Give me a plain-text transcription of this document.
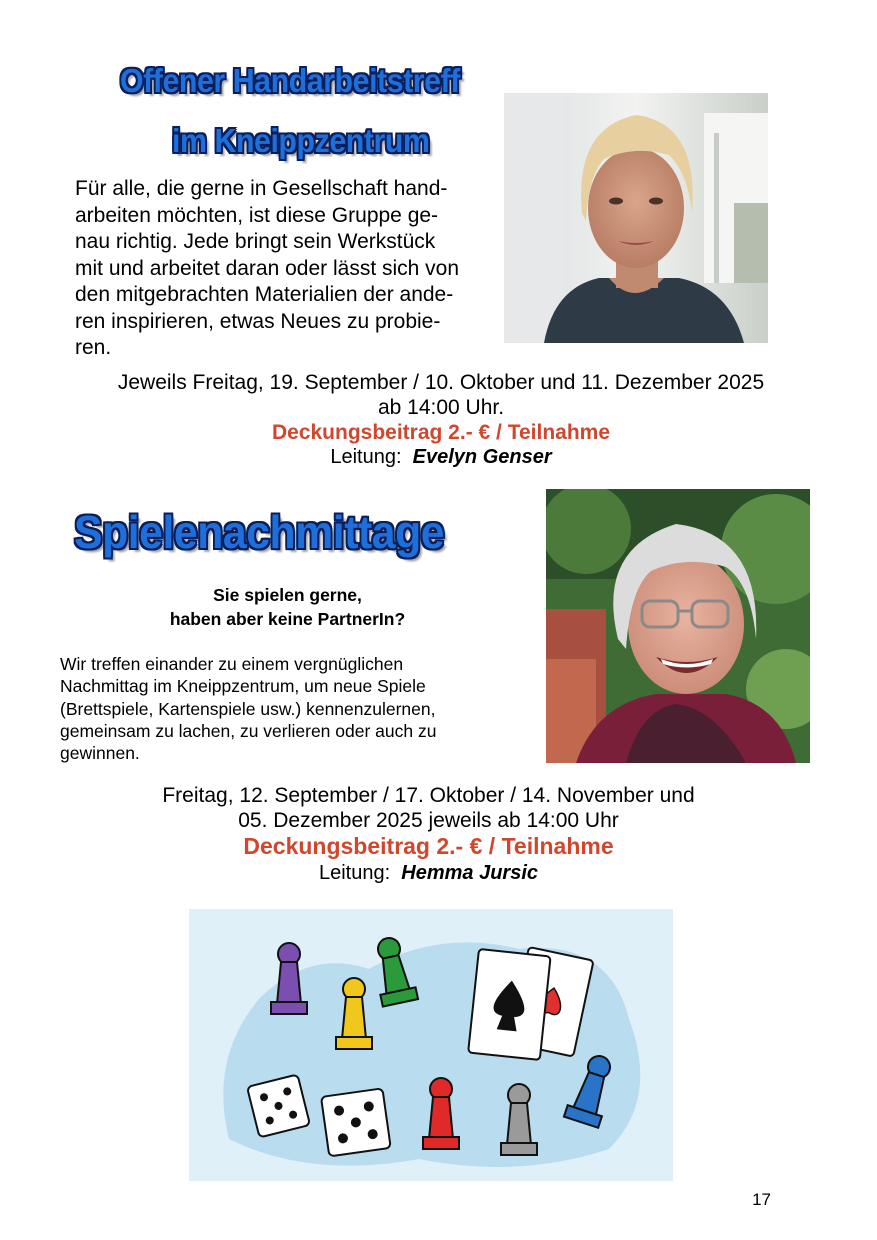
Offener Handarbeitstreff
im Kneippzentrum
Für alle, die gerne in Gesellschaft hand-
arbeiten möchten, ist diese Gruppe ge-
nau richtig. Jede bringt sein Werkstück
mit und arbeitet daran oder lässt sich von
den mitgebrachten Materialien der ande-
ren inspirieren, etwas Neues zu probie-
ren.
Jeweils Freitag, 19. September / 10. Oktober und 11. Dezember 2025
ab 14:00 Uhr.
Deckungsbeitrag 2.- € / Teilnahme
Leitung: Evelyn Genser
Spielenachmittage
Sie spielen gerne,
haben aber keine PartnerIn?
Wir treffen einander zu einem vergnüglichen
Nachmittag im Kneippzentrum, um neue Spiele
(Brettspiele, Kartenspiele usw.) kennenzulernen,
gemeinsam zu lachen, zu verlieren oder auch zu
gewinnen.
Freitag, 12. September / 17. Oktober / 14. November und
05. Dezember 2025 jeweils ab 14:00 Uhr
Deckungsbeitrag 2.- € / Teilnahme
Leitung: Hemma Jursic
17
